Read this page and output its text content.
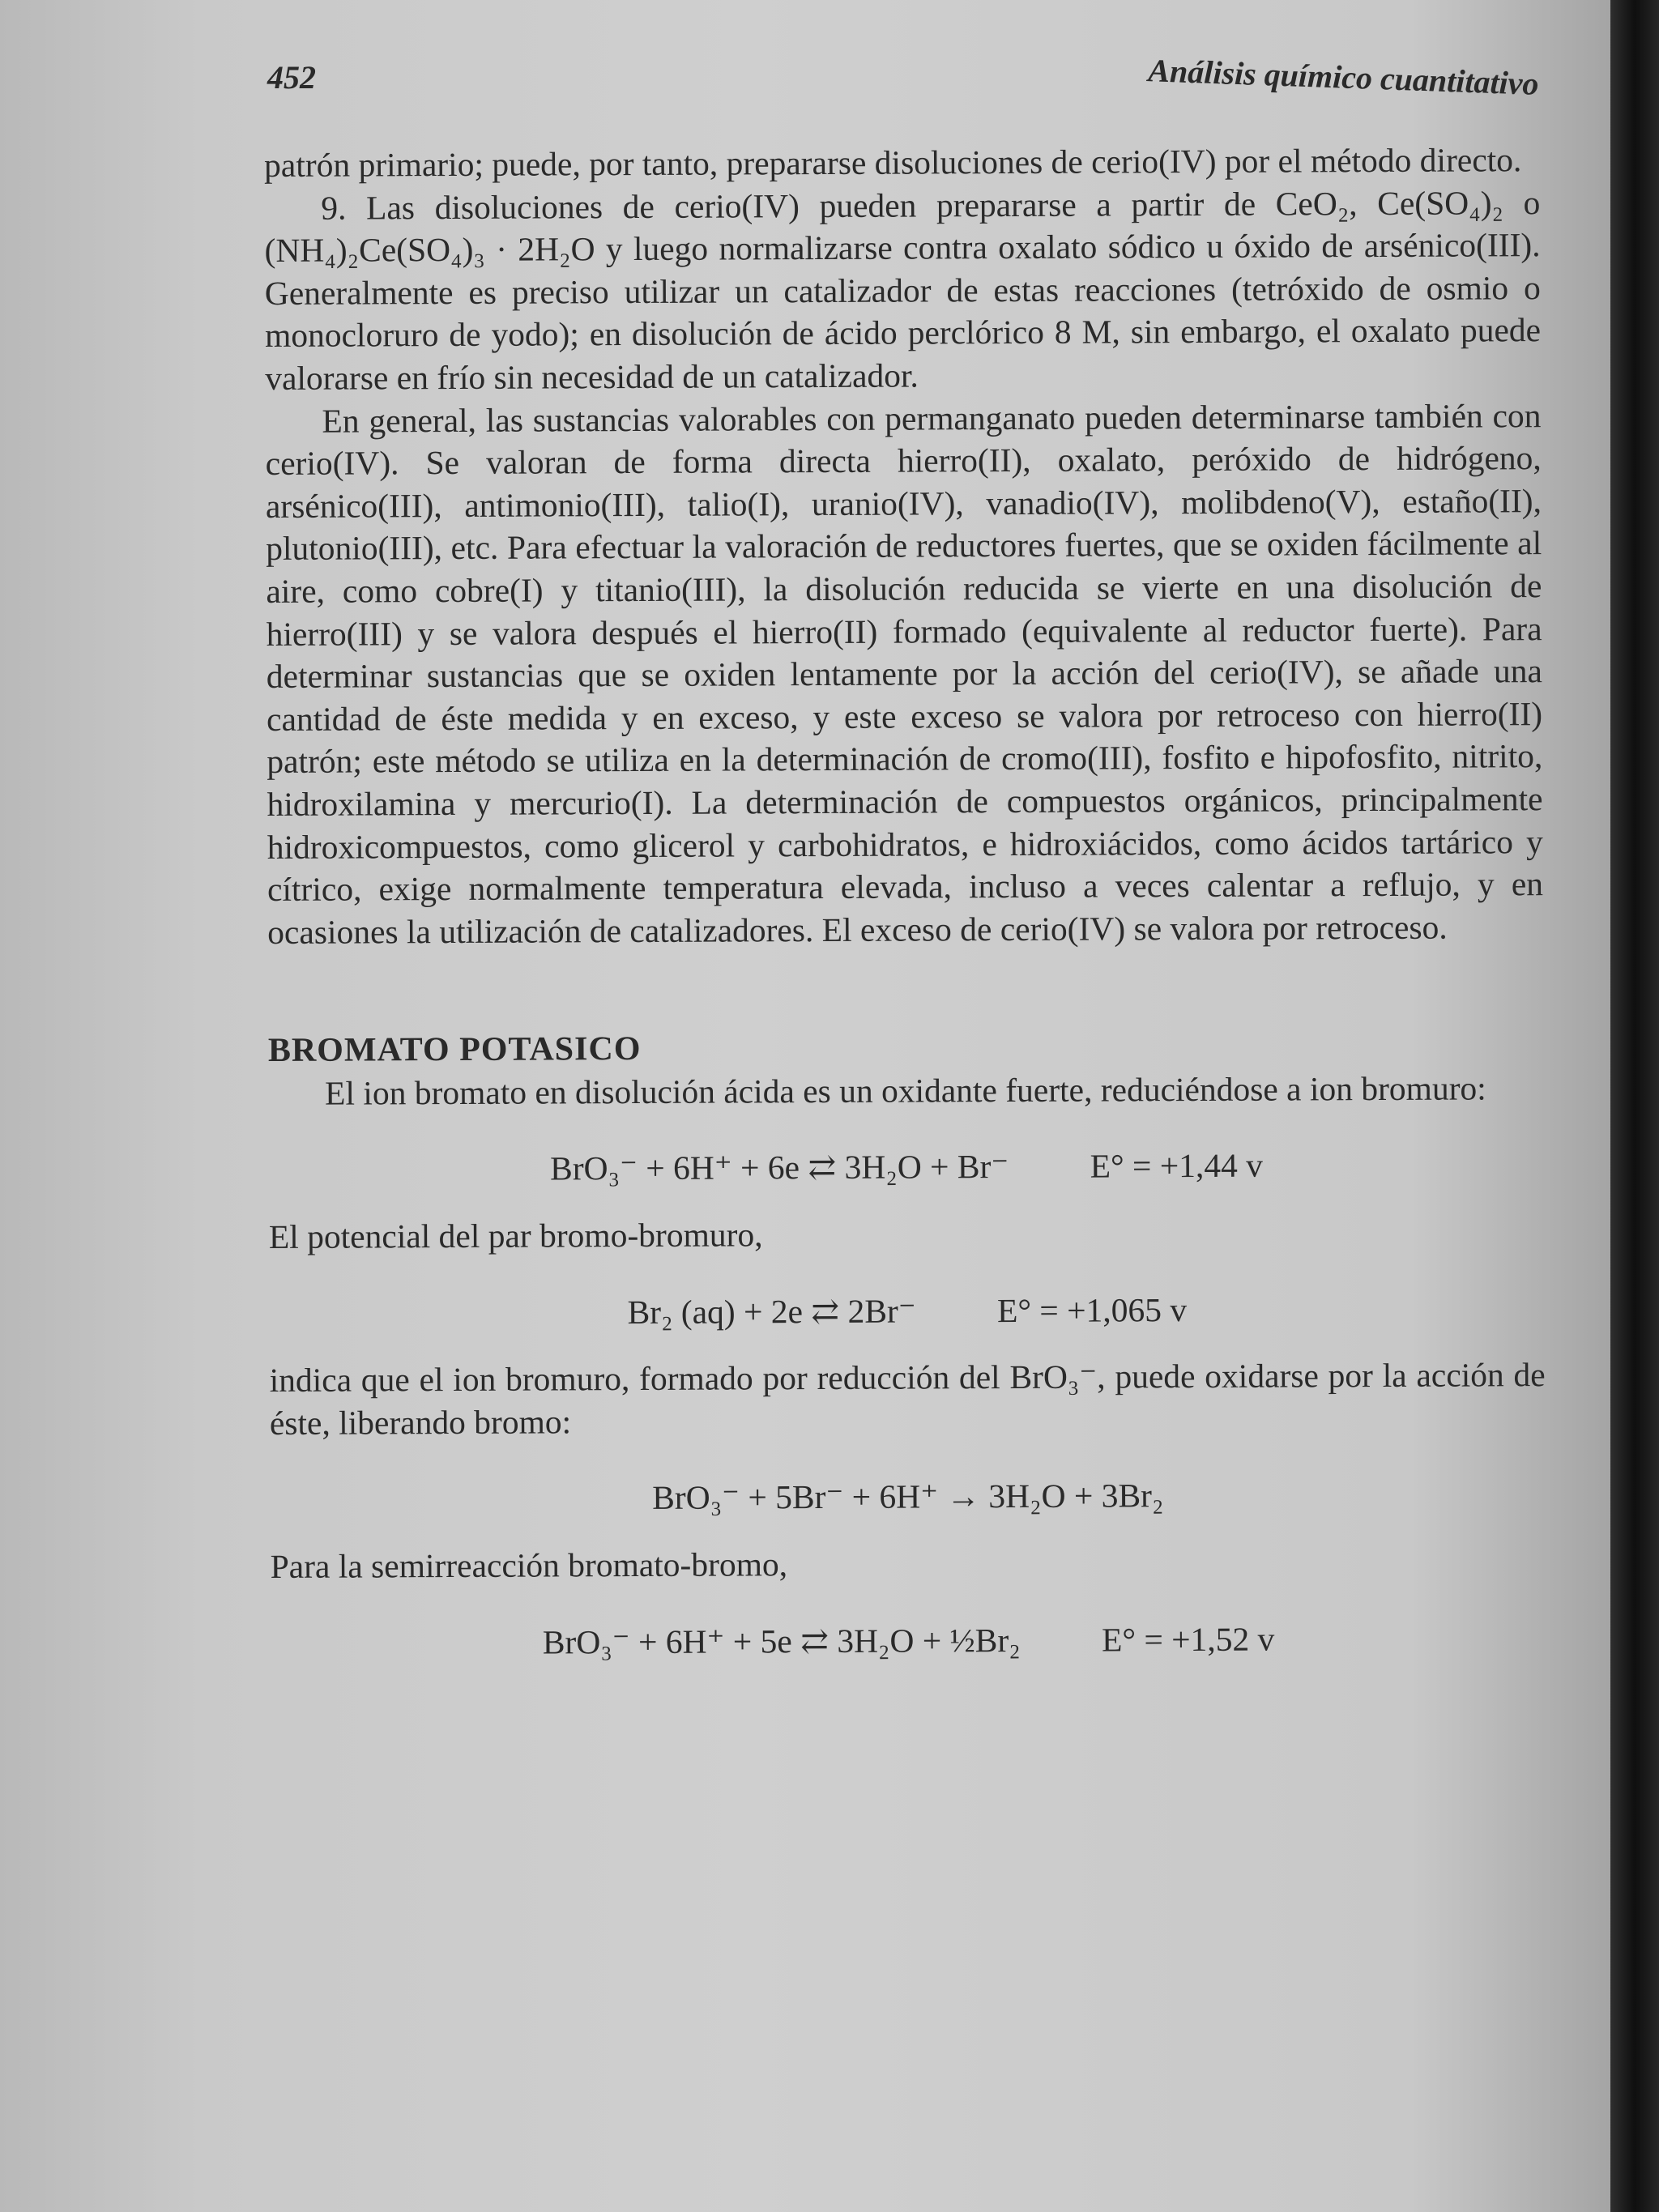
452	Análisis químico cuantitativo

patrón primario; puede, por tanto, prepararse disoluciones de cerio(IV) por el método directo.

9. Las disoluciones de cerio(IV) pueden prepararse a partir de CeO₂, Ce(SO₄)₂ o (NH₄)₂Ce(SO₄)₃ · 2H₂O y luego normalizarse contra oxalato sódico u óxido de arsénico(III). Generalmente es preciso utilizar un catalizador de estas reacciones (tetróxido de osmio o monocloruro de yodo); en disolución de ácido perclórico 8 M, sin embargo, el oxalato puede valorarse en frío sin necesidad de un catalizador.

En general, las sustancias valorables con permanganato pueden determinarse también con cerio(IV). Se valoran de forma directa hierro(II), oxalato, peróxido de hidrógeno, arsénico(III), antimonio(III), talio(I), uranio(IV), vanadio(IV), molibdeno(V), estaño(II), plutonio(III), etc. Para efectuar la valoración de reductores fuertes, que se oxiden fácilmente al aire, como cobre(I) y titanio(III), la disolución reducida se vierte en una disolución de hierro(III) y se valora después el hierro(II) formado (equivalente al reductor fuerte). Para determinar sustancias que se oxiden lentamente por la acción del cerio(IV), se añade una cantidad de éste medida y en exceso, y este exceso se valora por retroceso con hierro(II) patrón; este método se utiliza en la determinación de cromo(III), fosfito e hipofosfito, nitrito, hidroxilamina y mercurio(I). La determinación de compuestos orgánicos, principalmente hidroxicompuestos, como glicerol y carbohidratos, e hidroxiácidos, como ácidos tartárico y cítrico, exige normalmente temperatura elevada, incluso a veces calentar a reflujo, y en ocasiones la utilización de catalizadores. El exceso de cerio(IV) se valora por retroceso.

BROMATO POTASICO

El ion bromato en disolución ácida es un oxidante fuerte, reduciéndose a ion bromuro:

BrO₃⁻ + 6H⁺ + 6e ⇄ 3H₂O + Br⁻ E° = +1,44 v

El potencial del par bromo-bromuro,

Br₂ (aq) + 2e ⇄ 2Br⁻ E° = +1,065 v

indica que el ion bromuro, formado por reducción del BrO₃⁻, puede oxidarse por la acción de éste, liberando bromo:

BrO₃⁻ + 5Br⁻ + 6H⁺ → 3H₂O + 3Br₂

Para la semirreacción bromato-bromo,

BrO₃⁻ + 6H⁺ + 5e ⇄ 3H₂O + ½Br₂ E° = +1,52 v
